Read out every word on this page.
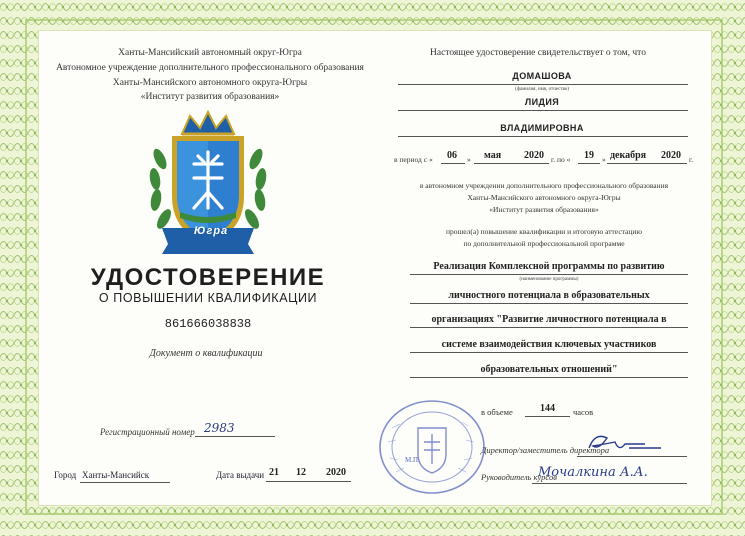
Ханты-Мансийский автономный округ-Югра
Автономное учреждение дополнительного профессионального образования
Ханты-Мансийского автономного округа-Югры
«Институт развития образования»
Югра
УДОСТОВЕРЕНИЕ
О ПОВЫШЕНИИ КВАЛИФИКАЦИИ
861666038838
Документ о квалификации
Регистрационный номер 2983
Город Ханты-Мансийск	Дата выдачи 21 12 2020
Настоящее удостоверение свидетельствует о том, что
ДОМАШОВА
(фамилия, имя, отчество)
ЛИДИЯ
ВЛАДИМИРОВНА
в период с « 06 » мая 2020 г. по « 19 » декабря 2020 г.
в автономном учреждении дополнительного профессионального образования
Ханты-Мансийского автономного округа-Югры
«Институт развития образования»
прошел(а) повышение квалификации и итоговую аттестацию
по дополнительной профессиональной программе
Реализация Комплексной программы по развитию
(наименование программы)
личностного потенциала в образовательных
организациях "Развитие личностного потенциала в
системе взаимодействия ключевых участников
образовательных отношений"
в объеме	144 часов
М.П.
Директор/заместитель директора
Руководитель курсов
Мочалкина А.А.
